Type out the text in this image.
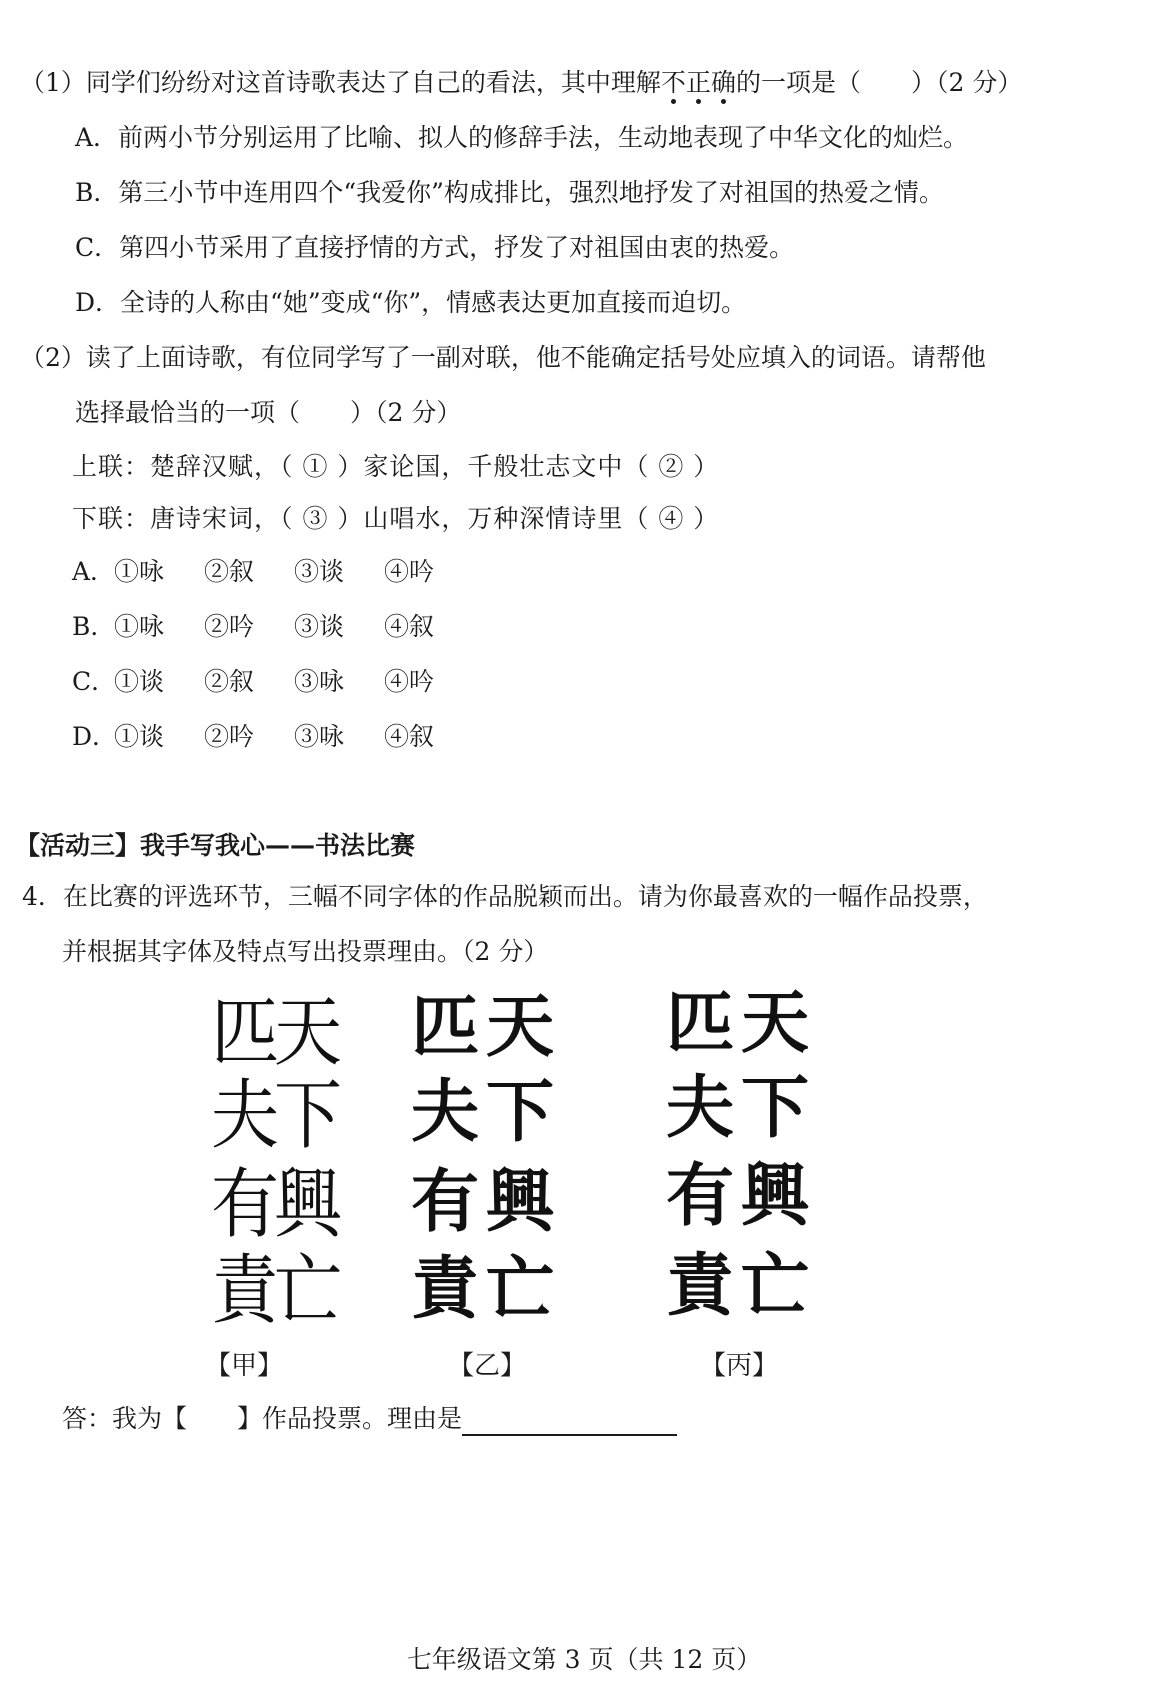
（1）同学们纷纷对这首诗歌表达了自己的看法，其中理解不正确的一项是（　　）（2 分）
A．前两小节分别运用了比喻、拟人的修辞手法，生动地表现了中华文化的灿烂。
B．第三小节中连用四个“我爱你”构成排比，强烈地抒发了对祖国的热爱之情。
C．第四小节采用了直接抒情的方式，抒发了对祖国由衷的热爱。
D．全诗的人称由“她”变成“你”，情感表达更加直接而迫切。
（2）读了上面诗歌，有位同学写了一副对联，他不能确定括号处应填入的词语。请帮他
选择最恰当的一项（　　）（2 分）
上联：楚辞汉赋，（ ① ）家论国，千般壮志文中（ ② ）
下联：唐诗宋词，（ ③ ）山唱水，万种深情诗里（ ④ ）
A．①咏 ②叙 ③谈 ④吟
B．①咏 ②吟 ③谈 ④叙
C．①谈 ②叙 ③咏 ④吟
D．①谈 ②吟 ③咏 ④叙
【活动三】我手写我心——书法比赛
4．在比赛的评选环节，三幅不同字体的作品脱颖而出。请为你最喜欢的一幅作品投票，
并根据其字体及特点写出投票理由。（2 分）
匹
天
夫
下
有
興
責
亡
【甲】
匹 天
夫 下
有 興
責 亡
【乙】
匹 天
夫 下
有 興
責 亡
【丙】
答：我为【　　】作品投票。理由是
七年级语文第 3 页（共 12 页）
